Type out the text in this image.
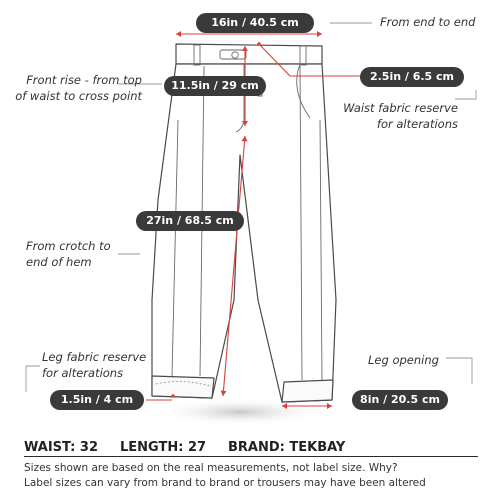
16in / 40.5 cm
2.5in / 6.5 cm
11.5in / 29 cm
27in / 68.5 cm
1.5in / 4 cm	8in / 20.5 cm
From end to end
Front rise - from top
of waist to cross point
Waist fabric reserve
for alterations
From crotch to
end of hem
Leg fabric reserve
for alterations
Leg opening
WAIST: 32 LENGTH: 27 BRAND: TEKBAY
Sizes shown are based on the real measurements, not label size. Why?
Label sizes can vary from brand to brand or trousers may have been altered
